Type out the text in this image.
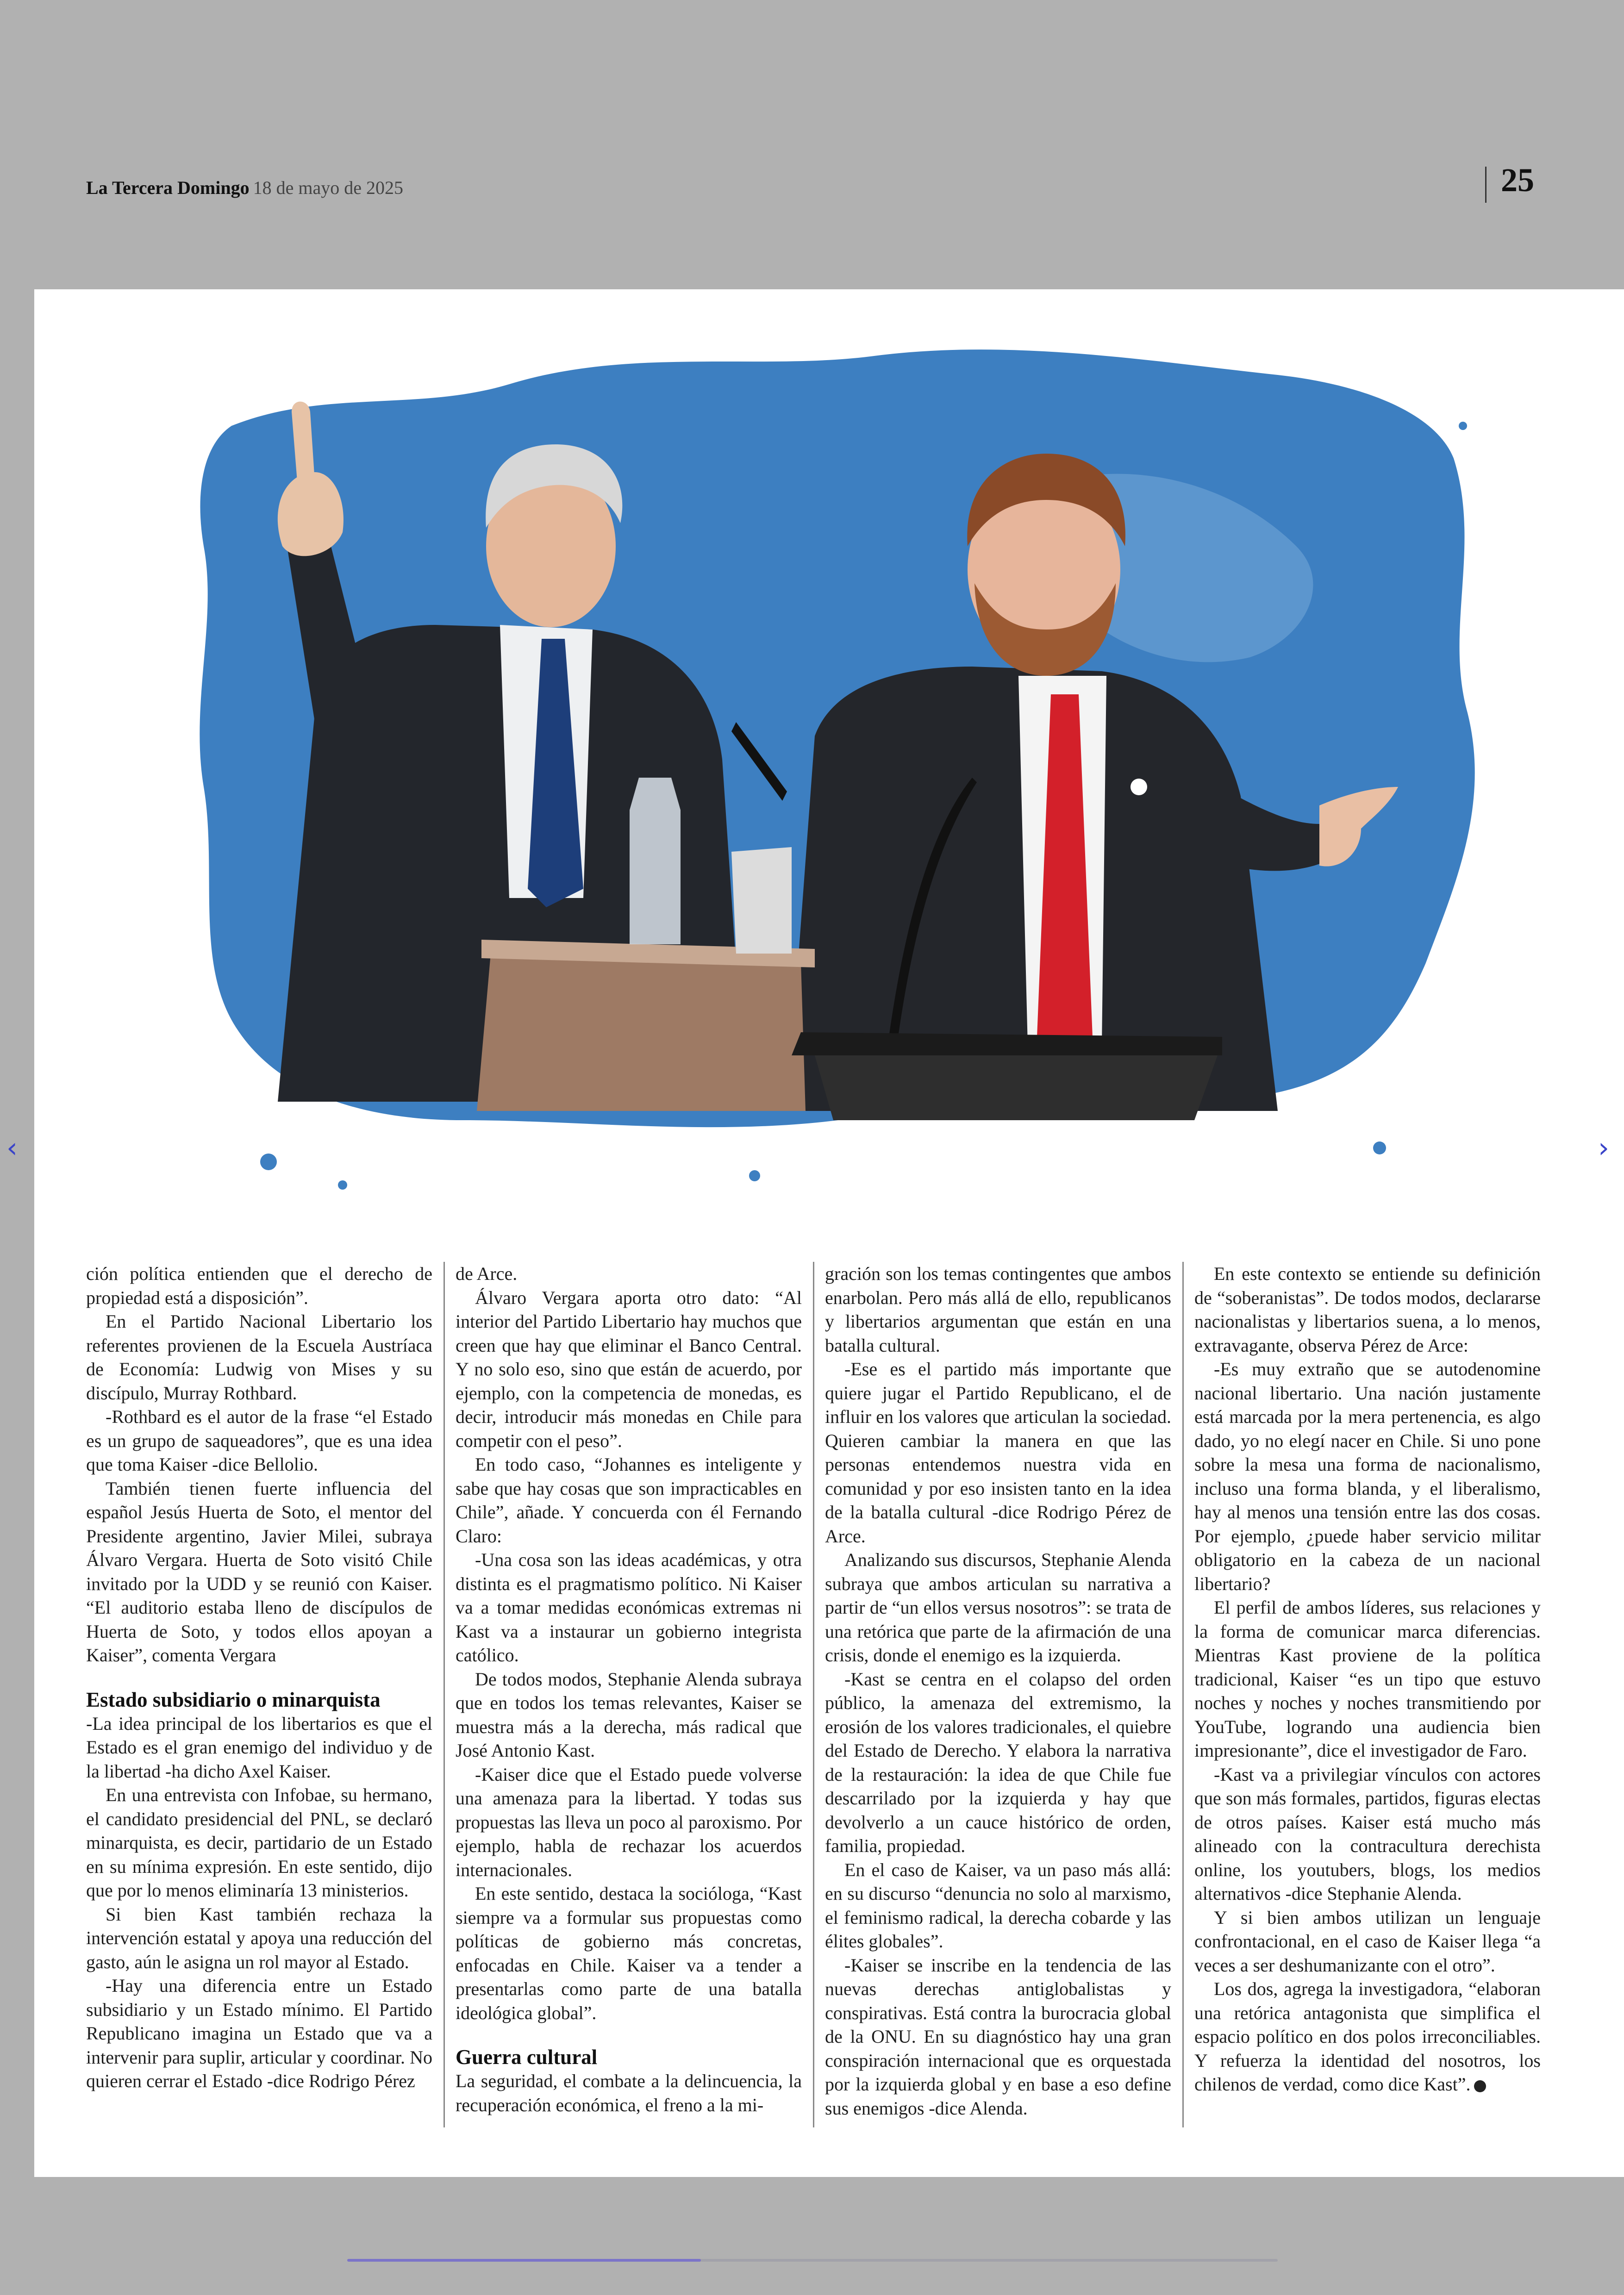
La Tercera Domingo 18 de mayo de 2025	25

ción política entienden que el derecho de propiedad está a disposición”.

En el Partido Nacional Libertario los referentes provienen de la Escuela Austríaca de Economía: Ludwig von Mises y su discípulo, Murray Rothbard.

-Rothbard es el autor de la frase “el Estado es un grupo de saqueadores”, que es una idea que toma Kaiser -dice Bellolio.

También tienen fuerte influencia del español Jesús Huerta de Soto, el mentor del Presidente argentino, Javier Milei, subraya Álvaro Vergara. Huerta de Soto visitó Chile invitado por la UDD y se reunió con Kaiser. “El auditorio estaba lleno de discípulos de Huerta de Soto, y todos ellos apoyan a Kaiser”, comenta Vergara

Estado subsidiario o minarquista

-La idea principal de los libertarios es que el Estado es el gran enemigo del individuo y de la libertad -ha dicho Axel Kaiser.

En una entrevista con Infobae, su hermano, el candidato presidencial del PNL, se declaró minarquista, es decir, partidario de un Estado en su mínima expresión. En este sentido, dijo que por lo menos eliminaría 13 ministerios.

Si bien Kast también rechaza la intervención estatal y apoya una reducción del gasto, aún le asigna un rol mayor al Estado.

-Hay una diferencia entre un Estado subsidiario y un Estado mínimo. El Partido Republicano imagina un Estado que va a intervenir para suplir, articular y coordinar. No quieren cerrar el Estado -dice Rodrigo Pérez

de Arce.

Álvaro Vergara aporta otro dato: “Al interior del Partido Libertario hay muchos que creen que hay que eliminar el Banco Central. Y no solo eso, sino que están de acuerdo, por ejemplo, con la competencia de monedas, es decir, introducir más monedas en Chile para competir con el peso”.

En todo caso, “Johannes es inteligente y sabe que hay cosas que son impracticables en Chile”, añade. Y concuerda con él Fernando Claro:

-Una cosa son las ideas académicas, y otra distinta es el pragmatismo político. Ni Kaiser va a tomar medidas económicas extremas ni Kast va a instaurar un gobierno integrista católico.

De todos modos, Stephanie Alenda subraya que en todos los temas relevantes, Kaiser se muestra más a la derecha, más radical que José Antonio Kast.

-Kaiser dice que el Estado puede volverse una amenaza para la libertad. Y todas sus propuestas las lleva un poco al paroxismo. Por ejemplo, habla de rechazar los acuerdos internacionales.

En este sentido, destaca la socióloga, “Kast siempre va a formular sus propuestas como políticas de gobierno más concretas, enfocadas en Chile. Kaiser va a tender a presentarlas como parte de una batalla ideológica global”.

Guerra cultural

La seguridad, el combate a la delincuencia, la recuperación económica, el freno a la mi-

gración son los temas contingentes que ambos enarbolan. Pero más allá de ello, republicanos y libertarios argumentan que están en una batalla cultural.

-Ese es el partido más importante que quiere jugar el Partido Republicano, el de influir en los valores que articulan la sociedad. Quieren cambiar la manera en que las personas entendemos nuestra vida en comunidad y por eso insisten tanto en la idea de la batalla cultural -dice Rodrigo Pérez de Arce.

Analizando sus discursos, Stephanie Alenda subraya que ambos articulan su narrativa a partir de “un ellos versus nosotros”: se trata de una retórica que parte de la afirmación de una crisis, donde el enemigo es la izquierda.

-Kast se centra en el colapso del orden público, la amenaza del extremismo, la erosión de los valores tradicionales, el quiebre del Estado de Derecho. Y elabora la narrativa de la restauración: la idea de que Chile fue descarrilado por la izquierda y hay que devolverlo a un cauce histórico de orden, familia, propiedad.

En el caso de Kaiser, va un paso más allá: en su discurso “denuncia no solo al marxismo, el feminismo radical, la derecha cobarde y las élites globales”.

-Kaiser se inscribe en la tendencia de las nuevas derechas antiglobalistas y conspirativas. Está contra la burocracia global de la ONU. En su diagnóstico hay una gran conspiración internacional que es orquestada por la izquierda global y en base a eso define sus enemigos -dice Alenda.

En este contexto se entiende su definición de “soberanistas”. De todos modos, declararse nacionalistas y libertarios suena, a lo menos, extravagante, observa Pérez de Arce:

-Es muy extraño que se autodenomine nacional libertario. Una nación justamente está marcada por la mera pertenencia, es algo dado, yo no elegí nacer en Chile. Si uno pone sobre la mesa una forma de nacionalismo, incluso una forma blanda, y el liberalismo, hay al menos una tensión entre las dos cosas. Por ejemplo, ¿puede haber servicio militar obligatorio en la cabeza de un nacional libertario?

El perfil de ambos líderes, sus relaciones y la forma de comunicar marca diferencias. Mientras Kast proviene de la política tradicional, Kaiser “es un tipo que estuvo noches y noches y noches transmitiendo por YouTube, logrando una audiencia bien impresionante”, dice el investigador de Faro.

-Kast va a privilegiar vínculos con actores que son más formales, partidos, figuras electas de otros países. Kaiser está mucho más alineado con la contracultura derechista online, los youtubers, blogs, los medios alternativos -dice Stephanie Alenda.

Y si bien ambos utilizan un lenguaje confrontacional, en el caso de Kaiser llega “a veces a ser deshumanizante con el otro”.

Los dos, agrega la investigadora, “elaboran una retórica antagonista que simplifica el espacio político en dos polos irreconciliables. Y refuerza la identidad del nosotros, los chilenos de verdad, como dice Kast”.

‹	›
